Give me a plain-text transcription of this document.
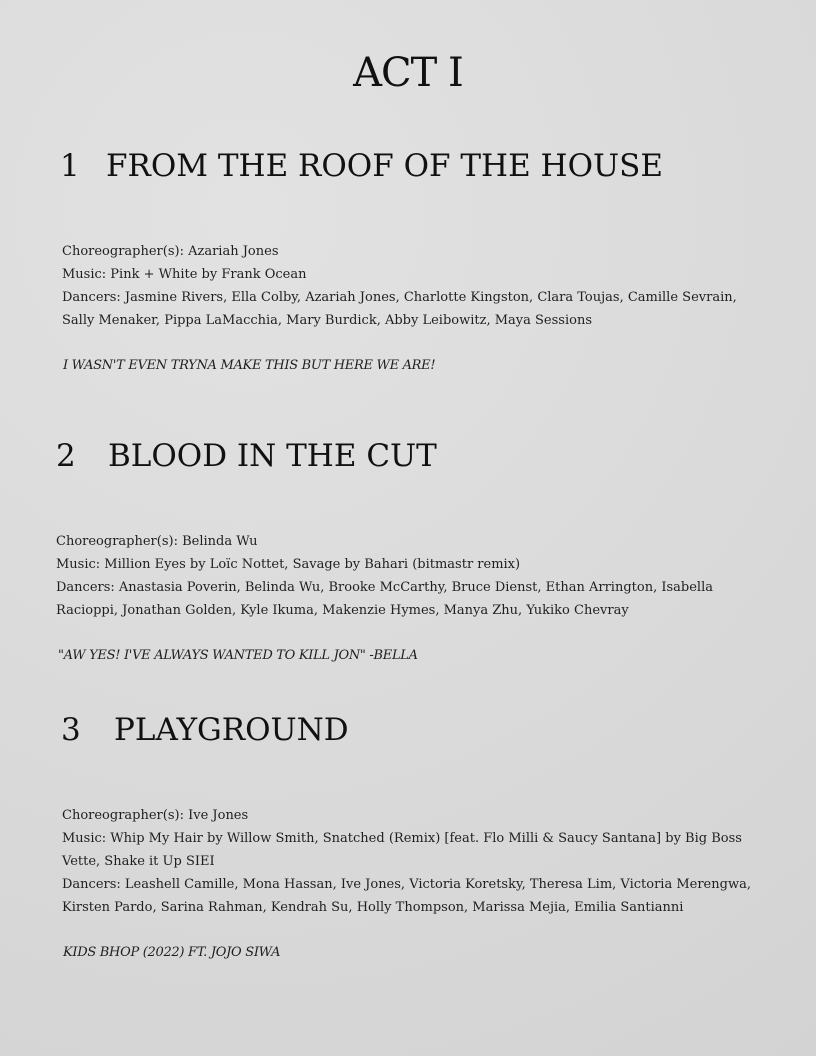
ACT I
1 FROM THE ROOF OF THE HOUSE
Choreographer(s): Azariah Jones
Music: Pink + White by Frank Ocean
Dancers: Jasmine Rivers, Ella Colby, Azariah Jones, Charlotte Kingston, Clara Toujas, Camille Sevrain,
Sally Menaker, Pippa LaMacchia, Mary Burdick, Abby Leibowitz, Maya Sessions
I WASN'T EVEN TRYNA MAKE THIS BUT HERE WE ARE!
2 BLOOD IN THE CUT
Choreographer(s): Belinda Wu
Music: Million Eyes by Loïc Nottet, Savage by Bahari (bitmastr remix)
Dancers: Anastasia Poverin, Belinda Wu, Brooke McCarthy, Bruce Dienst, Ethan Arrington, Isabella
Racioppi, Jonathan Golden, Kyle Ikuma, Makenzie Hymes, Manya Zhu, Yukiko Chevray
"AW YES! I'VE ALWAYS WANTED TO KILL JON" -BELLA
3 PLAYGROUND
Choreographer(s): Ive Jones
Music: Whip My Hair by Willow Smith, Snatched (Remix) [feat. Flo Milli & Saucy Santana] by Big Boss
Vette, Shake it Up SIEI
Dancers: Leashell Camille, Mona Hassan, Ive Jones, Victoria Koretsky, Theresa Lim, Victoria Merengwa,
Kirsten Pardo, Sarina Rahman, Kendrah Su, Holly Thompson, Marissa Mejia, Emilia Santianni
KIDS BHOP (2022) FT. JOJO SIWA
